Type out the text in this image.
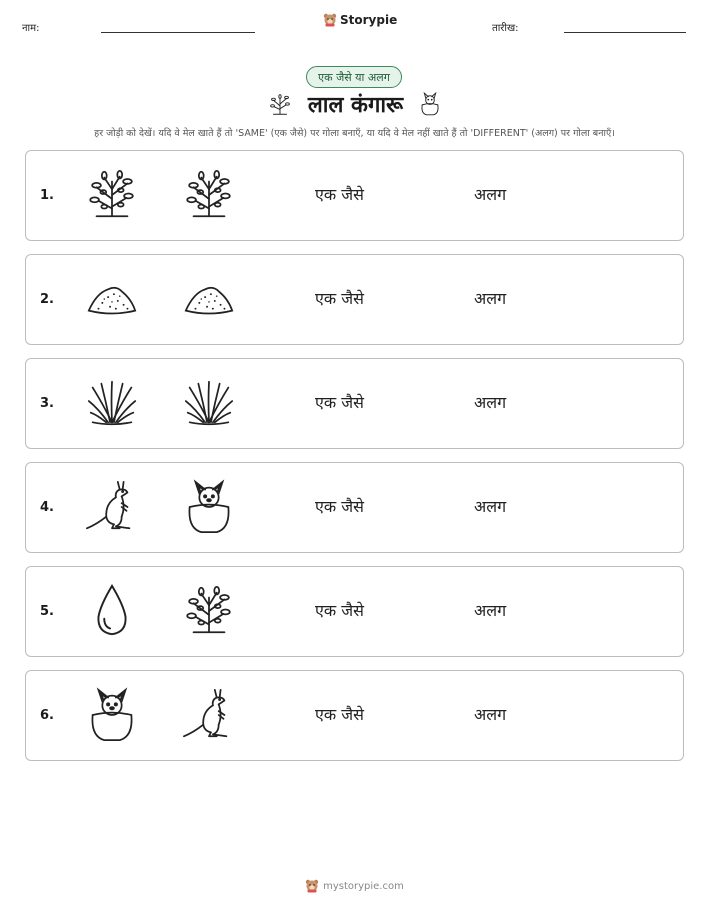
नाम:
Storypie
तारीख:
एक जैसे या अलग
लाल कंगारू
हर जोड़ी को देखें। यदि वे मेल खाते हैं तो 'SAME' (एक जैसे) पर गोला बनाएँ, या यदि वे मेल नहीं खाते हैं तो 'DIFFERENT' (अलग) पर गोला बनाएँ।
1.	एक जैसे	अलग
2.	एक जैसे	अलग
3.	एक जैसे	अलग
4.	एक जैसे	अलग
5.	एक जैसे	अलग
6.	एक जैसे	अलग
mystorypie.com
